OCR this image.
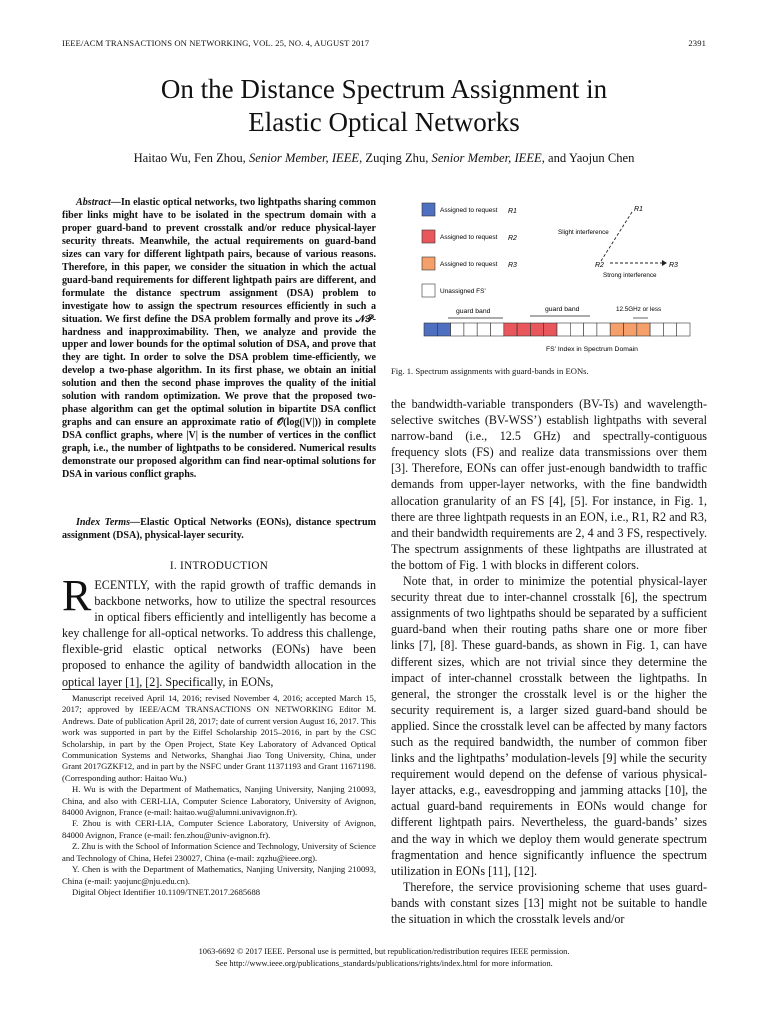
IEEE/ACM TRANSACTIONS ON NETWORKING, VOL. 25, NO. 4, AUGUST 2017	2391
On the Distance Spectrum Assignment in
Elastic Optical Networks
Haitao Wu, Fen Zhou, Senior Member, IEEE, Zuqing Zhu, Senior Member, IEEE, and Yaojun Chen
Abstract—In elastic optical networks, two lightpaths sharing common fiber links might have to be isolated in the spectrum domain with a proper guard-band to prevent crosstalk and/or reduce physical-layer security threats. Meanwhile, the actual requirements on guard-band sizes can vary for different lightpath pairs, because of various reasons. Therefore, in this paper, we consider the situation in which the actual guard-band requirements for different lightpath pairs are different, and formulate the distance spectrum assignment (DSA) problem to investigate how to assign the spectrum resources efficiently in such a situation. We first define the DSA problem formally and prove its 𝒩𝒫-hardness and inapproximability. Then, we analyze and provide the upper and lower bounds for the optimal solution of DSA, and prove that they are tight. In order to solve the DSA problem time-efficiently, we develop a two-phase algorithm. In its first phase, we obtain an initial solution and then the second phase improves the quality of the initial solution with random optimization. We prove that the proposed two-phase algorithm can get the optimal solution in bipartite DSA conflict graphs and can ensure an approximate ratio of 𝒪(log(|V|)) in complete DSA conflict graphs, where |V| is the number of vertices in the conflict graph, i.e., the number of lightpaths to be considered. Numerical results demonstrate our proposed algorithm can find near-optimal solutions for DSA in various conflict graphs.
Index Terms—Elastic Optical Networks (EONs), distance spectrum assignment (DSA), physical-layer security.
I. INTRODUCTION
RECENTLY, with the rapid growth of traffic demands in backbone networks, how to utilize the spectral resources in optical fibers efficiently and intelligently has become a key challenge for all-optical networks. To address this challenge, flexible-grid elastic optical networks (EONs) have been proposed to enhance the agility of bandwidth allocation in the optical layer [1], [2]. Specifically, in EONs,

Manuscript received April 14, 2016; revised November 4, 2016; accepted March 15, 2017; approved by IEEE/ACM TRANSACTIONS ON NETWORKING Editor M. Andrews. Date of publication April 28, 2017; date of current version August 16, 2017. This work was supported in part by the Eiffel Scholarship 2015–2016, in part by the CSC Scholarship, in part by the Open Project, State Key Laboratory of Advanced Optical Communication Systems and Networks, Shanghai Jiao Tong University, China, under Grant 2017GZKF12, and in part by the NSFC under Grant 11371193 and Grant 11671198. (Corresponding author: Haitao Wu.)

H. Wu is with the Department of Mathematics, Nanjing University, Nanjing 210093, China, and also with CERI-LIA, Computer Science Laboratory, University of Avignon, 84000 Avignon, France (e-mail: haitao.wu@alumni.univavignon.fr).

F. Zhou is with CERI-LIA, Computer Science Laboratory, University of Avignon, 84000 Avignon, France (e-mail: fen.zhou@univ-avignon.fr).

Z. Zhu is with the School of Information Science and Technology, University of Science and Technology of China, Hefei 230027, China (e-mail: zqzhu@ieee.org).

Y. Chen is with the Department of Mathematics, Nanjing University, Nanjing 210093, China (e-mail: yaojunc@nju.edu.cn).

Digital Object Identifier 10.1109/TNET.2017.2685688

Assigned to request R1
Assigned to request R2
Assigned to request R3
Unassigned FS'
R1
Slight interference
R2	R3
Strong interference
guard band	guard band	12.5GHz or less
FS' Index in Spectrum Domain
Fig. 1. Spectrum assignments with guard-bands in EONs.

the bandwidth-variable transponders (BV-Ts) and wavelength-selective switches (BV-WSS’) establish lightpaths with several narrow-band (i.e., 12.5 GHz) and spectrally-contiguous frequency slots (FS) and realize data transmissions over them [3]. Therefore, EONs can offer just-enough bandwidth to traffic demands from upper-layer networks, with the fine bandwidth allocation granularity of an FS [4], [5]. For instance, in Fig. 1, there are three lightpath requests in an EON, i.e., R1, R2 and R3, and their bandwidth requirements are 2, 4 and 3 FS, respectively. The spectrum assignments of these lightpaths are illustrated at the bottom of Fig. 1 with blocks in different colors.

Note that, in order to minimize the potential physical-layer security threat due to inter-channel crosstalk [6], the spectrum assignments of two lightpaths should be separated by a sufficient guard-band when their routing paths share one or more fiber links [7], [8]. These guard-bands, as shown in Fig. 1, can have different sizes, which are not trivial since they determine the impact of inter-channel crosstalk between the lightpaths. In general, the stronger the crosstalk level is or the higher the security requirement is, a larger sized guard-band should be applied. Since the crosstalk level can be affected by many factors such as the required bandwidth, the number of common fiber links and the lightpaths’ modulation-levels [9] while the security requirement would depend on the defense of various physical-layer attacks, e.g., eavesdropping and jamming attacks [10], the actual guard-band requirements in EONs would change for different lightpath pairs. Nevertheless, the guard-bands’ sizes and the way in which we deploy them would generate spectrum fragmentation and hence significantly influence the spectrum utilization in EONs [11], [12].

Therefore, the service provisioning scheme that uses guard-bands with constant sizes [13] might not be suitable to handle the situation in which the crosstalk levels and/or

1063-6692 © 2017 IEEE. Personal use is permitted, but republication/redistribution requires IEEE permission.
See http://www.ieee.org/publications_standards/publications/rights/index.html for more information.
